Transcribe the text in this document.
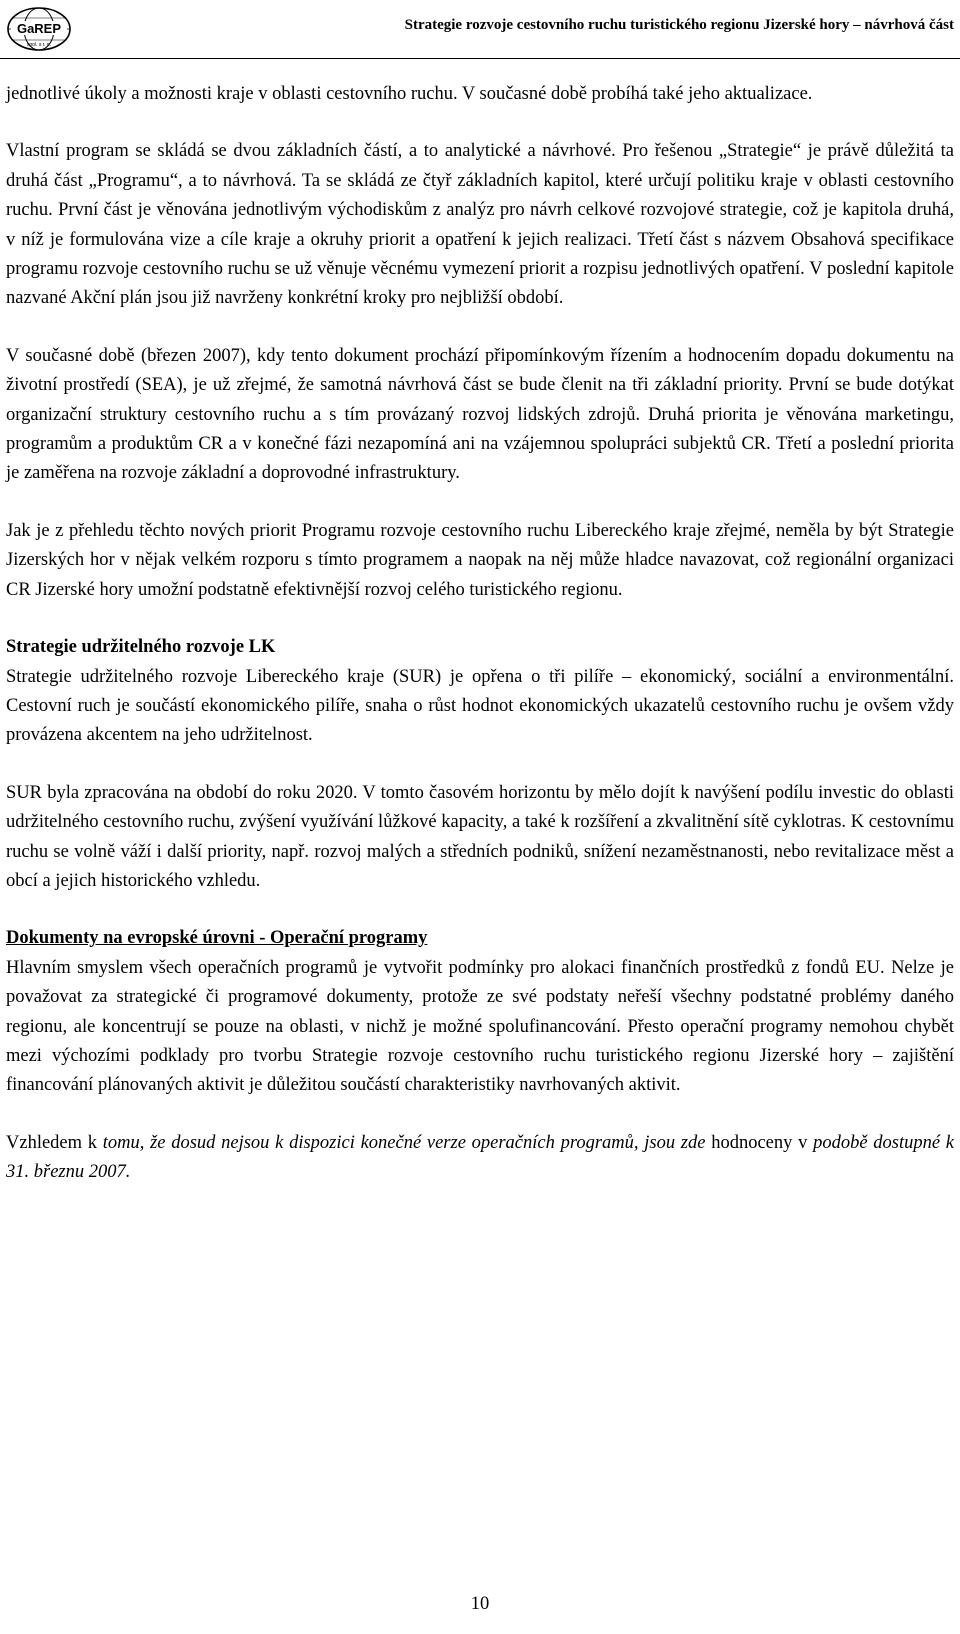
GaREP
spol. s r. o.
Strategie rozvoje cestovního ruchu turistického regionu Jizerské hory – návrhová část

jednotlivé úkoly a možnosti kraje v oblasti cestovního ruchu. V současné době probíhá také jeho aktualizace.

Vlastní program se skládá se dvou základních částí, a to analytické a návrhové. Pro řešenou „Strategie“ je právě důležitá ta druhá část „Programu“, a to návrhová. Ta se skládá ze čtyř základních kapitol, které určují politiku kraje v oblasti cestovního ruchu. První část je věnována jednotlivým východiskům z analýz pro návrh celkové rozvojové strategie, což je kapitola druhá, v níž je formulována vize a cíle kraje a okruhy priorit a opatření k jejich realizaci. Třetí část s názvem Obsahová specifikace programu rozvoje cestovního ruchu se už věnuje věcnému vymezení priorit a rozpisu jednotlivých opatření. V poslední kapitole nazvané Akční plán jsou již navrženy konkrétní kroky pro nejbližší období.

V současné době (březen 2007), kdy tento dokument prochází připomínkovým řízením a hodnocením dopadu dokumentu na životní prostředí (SEA), je už zřejmé, že samotná návrhová část se bude členit na tři základní priority. První se bude dotýkat organizační struktury cestovního ruchu a s tím provázaný rozvoj lidských zdrojů. Druhá priorita je věnována marketingu, programům a produktům CR a v konečné fázi nezapomíná ani na vzájemnou spolupráci subjektů CR. Třetí a poslední priorita je zaměřena na rozvoje základní a doprovodné infrastruktury.

Jak je z přehledu těchto nových priorit Programu rozvoje cestovního ruchu Libereckého kraje zřejmé, neměla by být Strategie Jizerských hor v nějak velkém rozporu s tímto programem a naopak na něj může hladce navazovat, což regionální organizaci CR Jizerské hory umožní podstatně efektivnější rozvoj celého turistického regionu.

Strategie udržitelného rozvoje LK

Strategie udržitelného rozvoje Libereckého kraje (SUR) je opřena o tři pilíře – ekonomický, sociální a environmentální. Cestovní ruch je součástí ekonomického pilíře, snaha o růst hodnot ekonomických ukazatelů cestovního ruchu je ovšem vždy provázena akcentem na jeho udržitelnost.

SUR byla zpracována na období do roku 2020. V tomto časovém horizontu by mělo dojít k navýšení podílu investic do oblasti udržitelného cestovního ruchu, zvýšení využívání lůžkové kapacity, a také k rozšíření a zkvalitnění sítě cyklotras. K cestovnímu ruchu se volně váží i další priority, např. rozvoj malých a středních podniků, snížení nezaměstnanosti, nebo revitalizace měst a obcí a jejich historického vzhledu.

Dokumenty na evropské úrovni - Operační programy

Hlavním smyslem všech operačních programů je vytvořit podmínky pro alokaci finančních prostředků z fondů EU. Nelze je považovat za strategické či programové dokumenty, protože ze své podstaty neřeší všechny podstatné problémy daného regionu, ale koncentrují se pouze na oblasti, v nichž je možné spolufinancování. Přesto operační programy nemohou chybět mezi výchozími podklady pro tvorbu Strategie rozvoje cestovního ruchu turistického regionu Jizerské hory – zajištění financování plánovaných aktivit je důležitou součástí charakteristiky navrhovaných aktivit.

Vzhledem k tomu, že dosud nejsou k dispozici konečné verze operačních programů, jsou zde hodnoceny v podobě dostupné k 31. březnu 2007.

10
